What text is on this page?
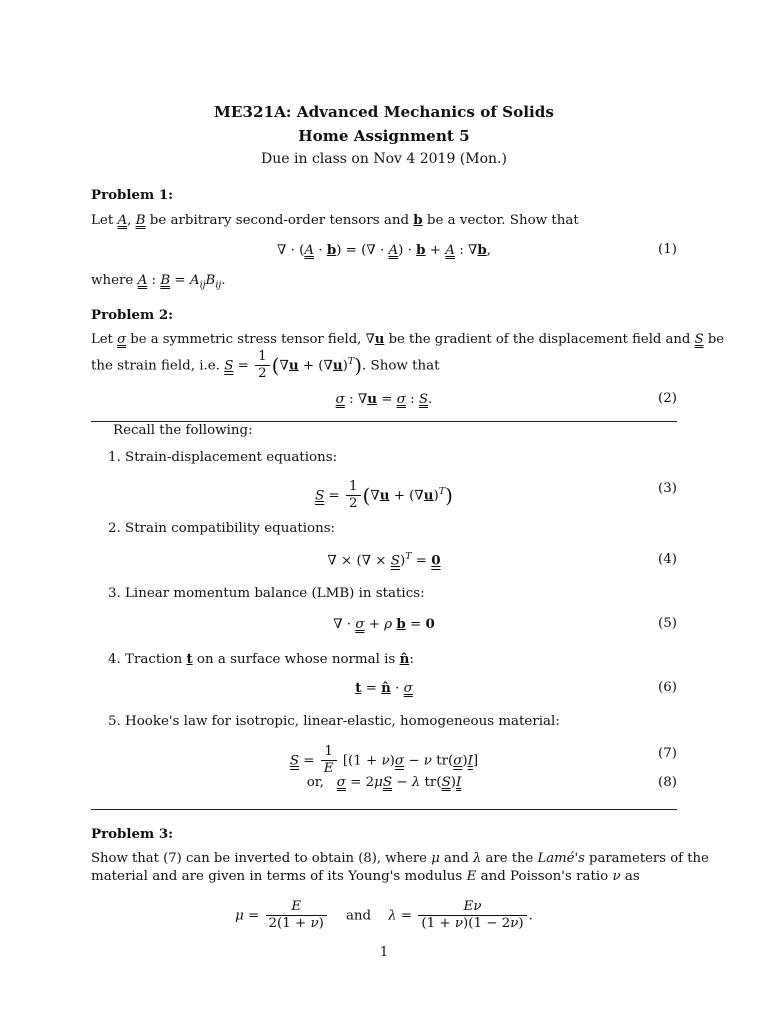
ME321A: Advanced Mechanics of Solids
Home Assignment 5
Due in class on Nov 4 2019 (Mon.)
Problem 1:
Let A, B be arbitrary second-order tensors and b be a vector. Show that
∇ · (A · b) = (∇ · A) · b + A : ∇b,	(1)
where A : $B = A_{ij}B_{ij}$.
Problem 2:
Let σ be a symmetric stress tensor field, ∇u be the gradient of the displacement field and S be
the strain field, i.e. $S = \frac{1}{2} (\nabla u + (\nabla u)^T)$. Show that
σ : ∇u = σ : S.	(2)
Recall the following:
1. Strain-displacement equations:
$S = \frac{1}{2} (\nabla u + (\nabla u)^T)$	(3)
2. Strain compatibility equations:
∇ × (∇ × S)$^T$ = 0	(4)
3. Linear momentum balance (LMB) in statics:
∇ · σ + ρ b = 0	(5)
4. Traction t on a surface whose normal is n̂:
t = n̂ · σ	(6)
5. Hooke's law for isotropic, linear-elastic, homogeneous material:
$S = \frac{1}{E} [(1 + \nu)\sigma - \nu$ tr(σ)I]	(7)
or, σ = 2μS − λ tr(S)I	(8)
Problem 3:
Show that (7) can be inverted to obtain (8), where μ and λ are the Lamé's parameters of the
material and are given in terms of its Young's modulus E and Poisson's ratio ν as
$\mu = \frac{E}{2(1 + \nu)}$ and $\lambda = \frac{E\nu}{(1 + \nu)(1 - 2\nu)}$ .
1
